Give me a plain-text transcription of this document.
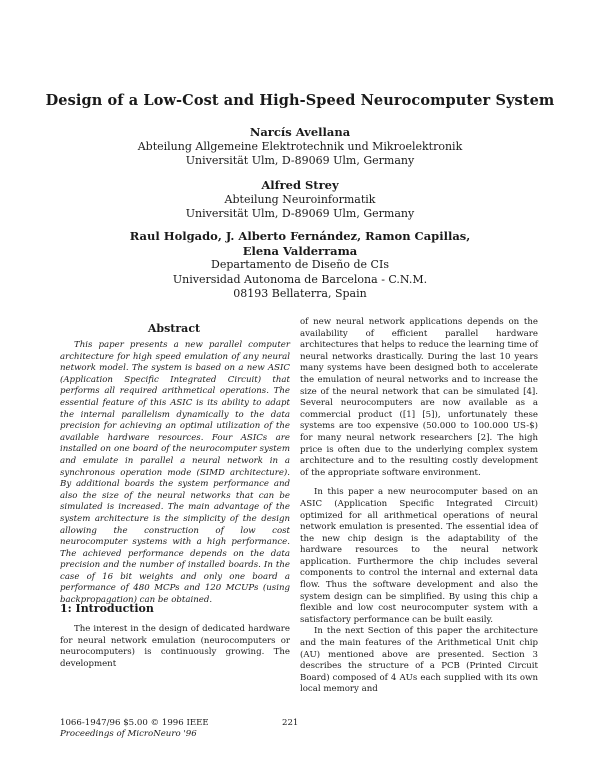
Design of a Low-Cost and High-Speed Neurocomputer System
Narcís Avellana
Abteilung Allgemeine Elektrotechnik und Mikroelektronik
Universität Ulm, D-89069 Ulm, Germany
Alfred Strey
Abteilung Neuroinformatik
Universität Ulm, D-89069 Ulm, Germany
Raul Holgado, J. Alberto Fernández, Ramon Capillas,
Elena Valderrama
Departamento de Diseño de CIs
Universidad Autonoma de Barcelona - C.N.M.
08193 Bellaterra, Spain
Abstract

This paper presents a new parallel computer architecture for high speed emulation of any neural network model. The system is based on a new ASIC (Application Specific Integrated Circuit) that performs all required arithmetical operations. The essential feature of this ASIC is its ability to adapt the internal parallelism dynamically to the data precision for achieving an optimal utilization of the available hardware resources. Four ASICs are installed on one board of the neurocomputer system and emulate in parallel a neural network in a synchronous operation mode (SIMD architecture). By additional boards the system performance and also the size of the neural networks that can be simulated is increased. The main advantage of the system architecture is the simplicity of the design allowing the construction of low cost neurocomputer systems with a high performance. The achieved performance depends on the data precision and the number of installed boards. In the case of 16 bit weights and only one board a performance of 480 MCPs and 120 MCUPs (using backpropagation) can be obtained.

1: Introduction

The interest in the design of dedicated hardware for neural network emulation (neurocomputers or neurocomputers) is continuously growing. The development

of new neural network applications depends on the availability of efficient parallel hardware architectures that helps to reduce the learning time of neural networks drastically. During the last 10 years many systems have been designed both to accelerate the emulation of neural networks and to increase the size of the neural network that can be simulated [4]. Several neurocomputers are now available as a commercial product ([1] [5]), unfortunately these systems are too expensive (50.000 to 100.000 US-$) for many neural network researchers [2]. The high price is often due to the underlying complex system architecture and to the resulting costly development of the appropriate software environment.

In this paper a new neurocomputer based on an ASIC (Application Specific Integrated Circuit) optimized for all arithmetical operations of neural network emulation is presented. The essential idea of the new chip design is the adaptability of the hardware resources to the neural network application. Furthermore the chip includes several components to control the internal and external data flow. Thus the software development and also the system design can be simplified. By using this chip a flexible and low cost neurocomputer system with a satisfactory performance can be built easily.

In the next Section of this paper the architecture and the main features of the Arithmetical Unit chip (AU) mentioned above are presented. Section 3 describes the structure of a PCB (Printed Circuit Board) composed of 4 AUs each supplied with its own local memory and

1066-1947/96 $5.00 © 1996 IEEE
Proceedings of MicroNeuro '96
221
